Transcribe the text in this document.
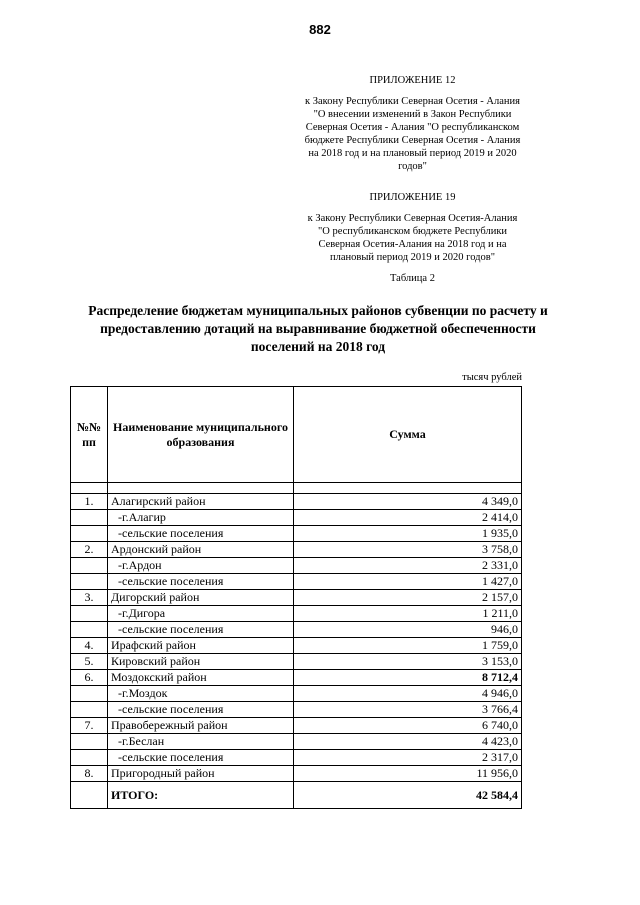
882
ПРИЛОЖЕНИЕ 12
к Закону Республики Северная Осетия - Алания
"О внесении изменений в Закон Республики
Северная Осетия - Алания "О республиканском
бюджете Республики Северная Осетия - Алания
на 2018 год и на плановый период 2019 и 2020
годов"
ПРИЛОЖЕНИЕ 19
к Закону Республики Северная Осетия-Алания
"О республиканском бюджете Республики
Северная Осетия-Алания на 2018 год и на
плановый период 2019 и 2020 годов"
Таблица 2
Распределение бюджетам муниципальных районов субвенции по расчету и
предоставлению дотаций на выравнивание бюджетной обеспеченности
поселений на 2018 год
тысяч рублей
№№ пп	Наименование муниципального образования	Сумма

1.	Алагирский район	4 349,0
	-г.Алагир	2 414,0
	-сельские поселения	1 935,0
2.	Ардонский район	3 758,0
	-г.Ардон	2 331,0
	-сельские поселения	1 427,0
3.	Дигорский район	2 157,0
	-г.Дигора	1 211,0
	-сельские поселения	946,0
4.	Ирафский район	1 759,0
5.	Кировский район	3 153,0
6.	Моздокский район	8 712,4
	-г.Моздок	4 946,0
	-сельские поселения	3 766,4
7.	Правобережный район	6 740,0
	-г.Беслан	4 423,0
	-сельские поселения	2 317,0
8.	Пригородный район	11 956,0
	ИТОГО:	42 584,4
